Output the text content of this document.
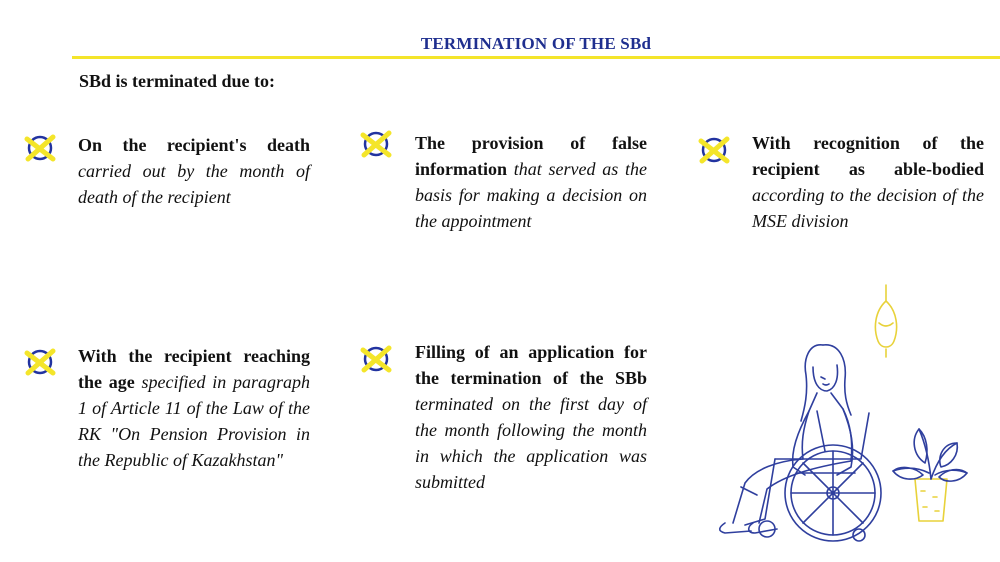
TERMINATION OF THE SBd
SBd is terminated due to:
On the recipient's death carried out by the month of death of the recipient
The provision of false information that served as the basis for making a decision on the appointment
With recognition of the recipient as able-bodied according to the decision of the MSE division
With the recipient reaching the age specified in paragraph 1 of Article 11 of the Law of the RK "On Pension Provision in the Republic of Kazakhstan"
Filling of an application for the termination of the SBb terminated on the first day of the month following the month in which the application was submitted
